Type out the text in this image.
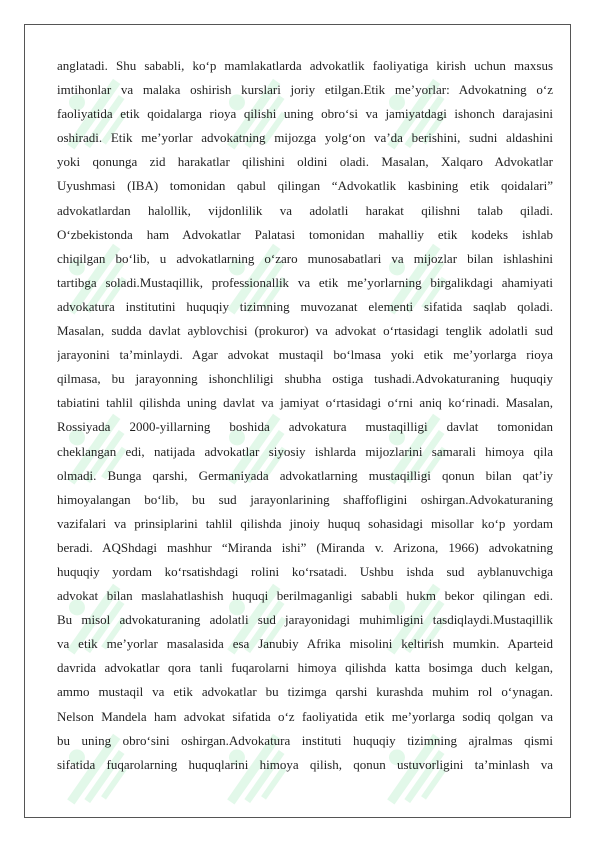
anglatadi. Shu sababli, ko‘p mamlakatlarda advokatlik faoliyatiga kirish uchun maxsus
imtihonlar va malaka oshirish kurslari joriy etilgan.Etik me’yorlar: Advokatning o‘z
faoliyatida etik qoidalarga rioya qilishi uning obro‘si va jamiyatdagi ishonch darajasini
oshiradi. Etik me’yorlar advokatning mijozga yolg‘on va’da berishini, sudni aldashini
yoki qonunga zid harakatlar qilishini oldini oladi. Masalan, Xalqaro Advokatlar
Uyushmasi (IBA) tomonidan qabul qilingan “Advokatlik kasbining etik qoidalari”
advokatlardan halollik, vijdonlilik va adolatli harakat qilishni talab qiladi.
O‘zbekistonda ham Advokatlar Palatasi tomonidan mahalliy etik kodeks ishlab
chiqilgan bo‘lib, u advokatlarning o‘zaro munosabatlari va mijozlar bilan ishlashini
tartibga soladi.Mustaqillik, professionallik va etik me’yorlarning birgalikdagi ahamiyati
advokatura institutini huquqiy tizimning muvozanat elementi sifatida saqlab qoladi.
Masalan, sudda davlat ayblovchisi (prokuror) va advokat o‘rtasidagi tenglik adolatli sud
jarayonini ta’minlaydi. Agar advokat mustaqil bo‘lmasa yoki etik me’yorlarga rioya
qilmasa, bu jarayonning ishonchliligi shubha ostiga tushadi.Advokaturaning huquqiy
tabiatini tahlil qilishda uning davlat va jamiyat o‘rtasidagi o‘rni aniq ko‘rinadi. Masalan,
Rossiyada 2000-yillarning boshida advokatura mustaqilligi davlat tomonidan
cheklangan edi, natijada advokatlar siyosiy ishlarda mijozlarini samarali himoya qila
olmadi. Bunga qarshi, Germaniyada advokatlarning mustaqilligi qonun bilan qat’iy
himoyalangan bo‘lib, bu sud jarayonlarining shaffofligini oshirgan.Advokaturaning
vazifalari va prinsiplarini tahlil qilishda jinoiy huquq sohasidagi misollar ko‘p yordam
beradi. AQShdagi mashhur “Miranda ishi” (Miranda v. Arizona, 1966) advokatning
huquqiy yordam ko‘rsatishdagi rolini ko‘rsatadi. Ushbu ishda sud ayblanuvchiga
advokat bilan maslahatlashish huquqi berilmaganligi sababli hukm bekor qilingan edi.
Bu misol advokaturaning adolatli sud jarayonidagi muhimligini tasdiqlaydi.Mustaqillik
va etik me’yorlar masalasida esa Janubiy Afrika misolini keltirish mumkin. Aparteid
davrida advokatlar qora tanli fuqarolarni himoya qilishda katta bosimga duch kelgan,
ammo mustaqil va etik advokatlar bu tizimga qarshi kurashda muhim rol o‘ynagan.
Nelson Mandela ham advokat sifatida o‘z faoliyatida etik me’yorlarga sodiq qolgan va
bu uning obro‘sini oshirgan.Advokatura instituti huquqiy tizimning ajralmas qismi
sifatida fuqarolarning huquqlarini himoya qilish, qonun ustuvorligini ta’minlash va
